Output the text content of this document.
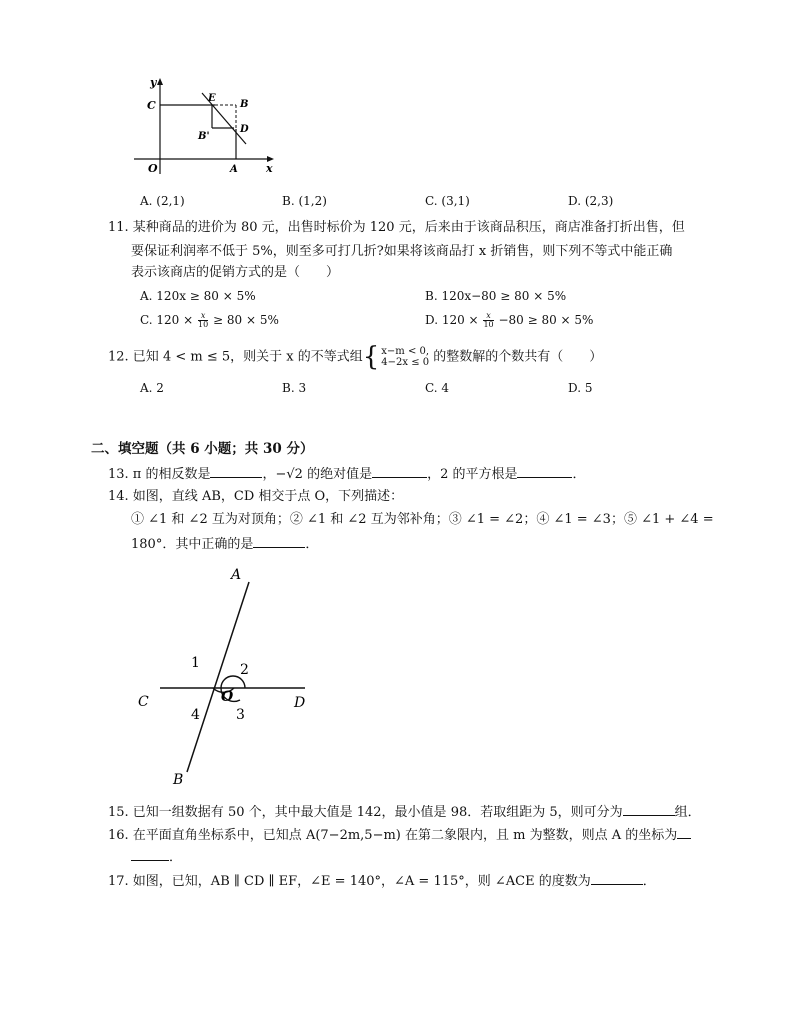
y
C
E
B
B'
D
O	A	x
A. (2,1)	B. (1,2)	C. (3,1)	D. (2,3)
11. 某种商品的进价为 80 元，出售时标价为 120 元，后来由于该商品积压，商店准备打折出售，但
要保证利润率不低于 5%，则至多可打几折?如果将该商品打 x 折销售，则下列不等式中能正确
表示该商店的促销方式的是（　　）
A. 120x ≥ 80 × 5%	B. 120x−80 ≥ 80 × 5%
C. $120 \times \frac{x}{10} \ge 80 \times 5\%$	D. $120 \times \frac{x}{10} -80 \ge 80 \times 5\%$
12. 已知 4 < m ≤ 5，则关于 x 的不等式组{ x−m < 0,
4−2x ≤ 0 的整数解的个数共有（　　）
A. 2	B. 3	C. 4	D. 5
二、填空题（共 6 小题；共 30 分）
13. π 的相反数是	，−√2 的绝对值是	，2 的平方根是	．
14. 如图，直线 AB，CD 相交于点 O，下列描述：
① ∠1 和 ∠2 互为对顶角；② ∠1 和 ∠2 互为邻补角；③ ∠1 = ∠2；④ ∠1 = ∠3；⑤ ∠1 + ∠4 =
180°．其中正确的是	．
A
B
C	D
O
1	2
3
4
15. 已知一组数据有 50 个，其中最大值是 142，最小值是 98．若取组距为 5，则可分为	组．
16. 在平面直角坐标系中，已知点 A(7−2m,5−m) 在第二象限内，且 m 为整数，则点 A 的坐标为
．
17. 如图，已知，AB ∥ CD ∥ EF，∠E = 140°，∠A = 115°，则 ∠ACE 的度数为	．
